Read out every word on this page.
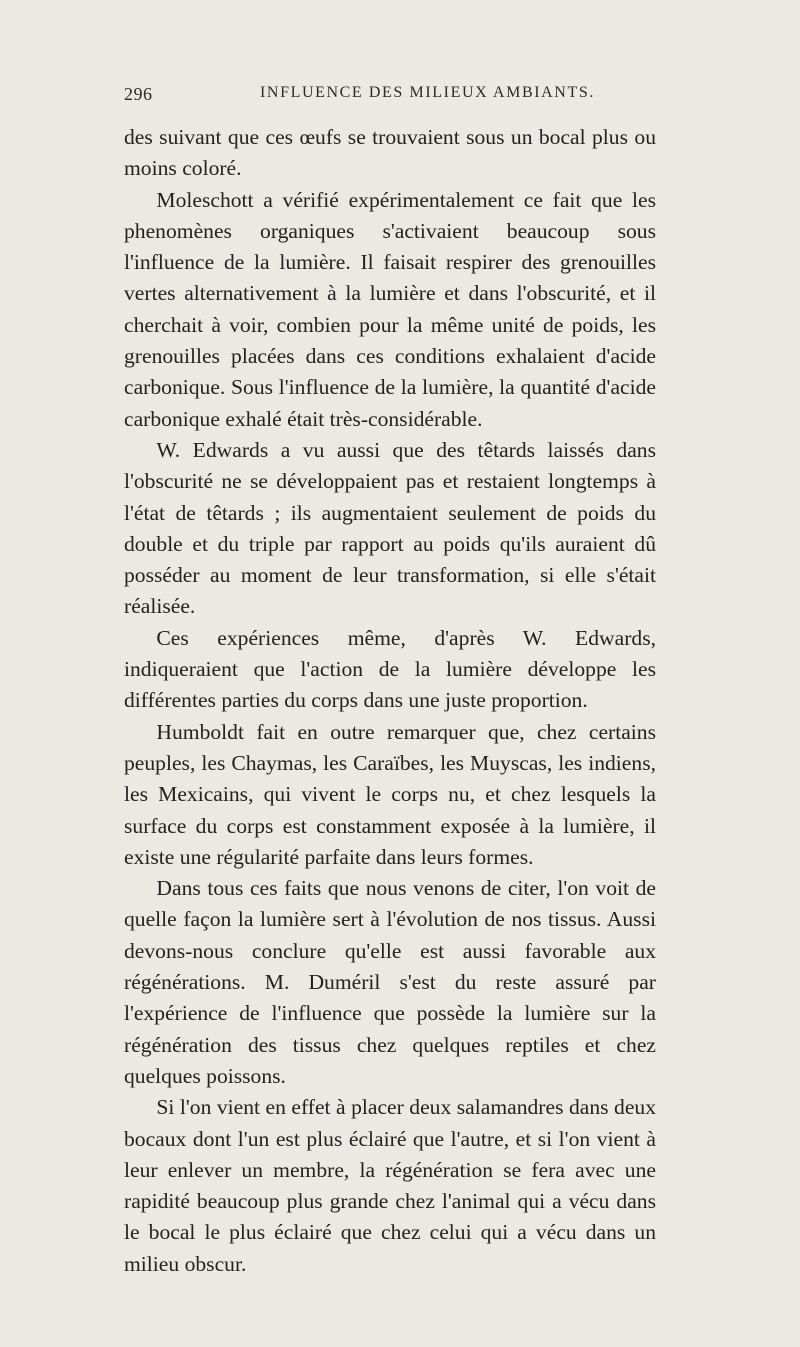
296	INFLUENCE DES MILIEUX AMBIANTS.

des suivant que ces œufs se trouvaient sous un bocal plus ou moins coloré.

Moleschott a vérifié expérimentalement ce fait que les phenomènes organiques s'activaient beaucoup sous l'influence de la lumière. Il faisait respirer des grenouilles vertes alternativement à la lumière et dans l'obscurité, et il cherchait à voir, combien pour la même unité de poids, les grenouilles placées dans ces conditions exhalaient d'acide carbonique. Sous l'influence de la lumière, la quantité d'acide carbonique exhalé était très-considérable.

W. Edwards a vu aussi que des têtards laissés dans l'obscurité ne se développaient pas et restaient longtemps à l'état de têtards ; ils augmentaient seulement de poids du double et du triple par rapport au poids qu'ils auraient dû posséder au moment de leur transformation, si elle s'était réalisée.

Ces expériences même, d'après W. Edwards, indiqueraient que l'action de la lumière développe les différentes parties du corps dans une juste proportion.

Humboldt fait en outre remarquer que, chez certains peuples, les Chaymas, les Caraïbes, les Muyscas, les indiens, les Mexicains, qui vivent le corps nu, et chez lesquels la surface du corps est constamment exposée à la lumière, il existe une régularité parfaite dans leurs formes.

Dans tous ces faits que nous venons de citer, l'on voit de quelle façon la lumière sert à l'évolution de nos tissus. Aussi devons-nous conclure qu'elle est aussi favorable aux régénérations. M. Duméril s'est du reste assuré par l'expérience de l'influence que possède la lumière sur la régénération des tissus chez quelques reptiles et chez quelques poissons.

Si l'on vient en effet à placer deux salamandres dans deux bocaux dont l'un est plus éclairé que l'autre, et si l'on vient à leur enlever un membre, la régénération se fera avec une rapidité beaucoup plus grande chez l'animal qui a vécu dans le bocal le plus éclairé que chez celui qui a vécu dans un milieu obscur.
